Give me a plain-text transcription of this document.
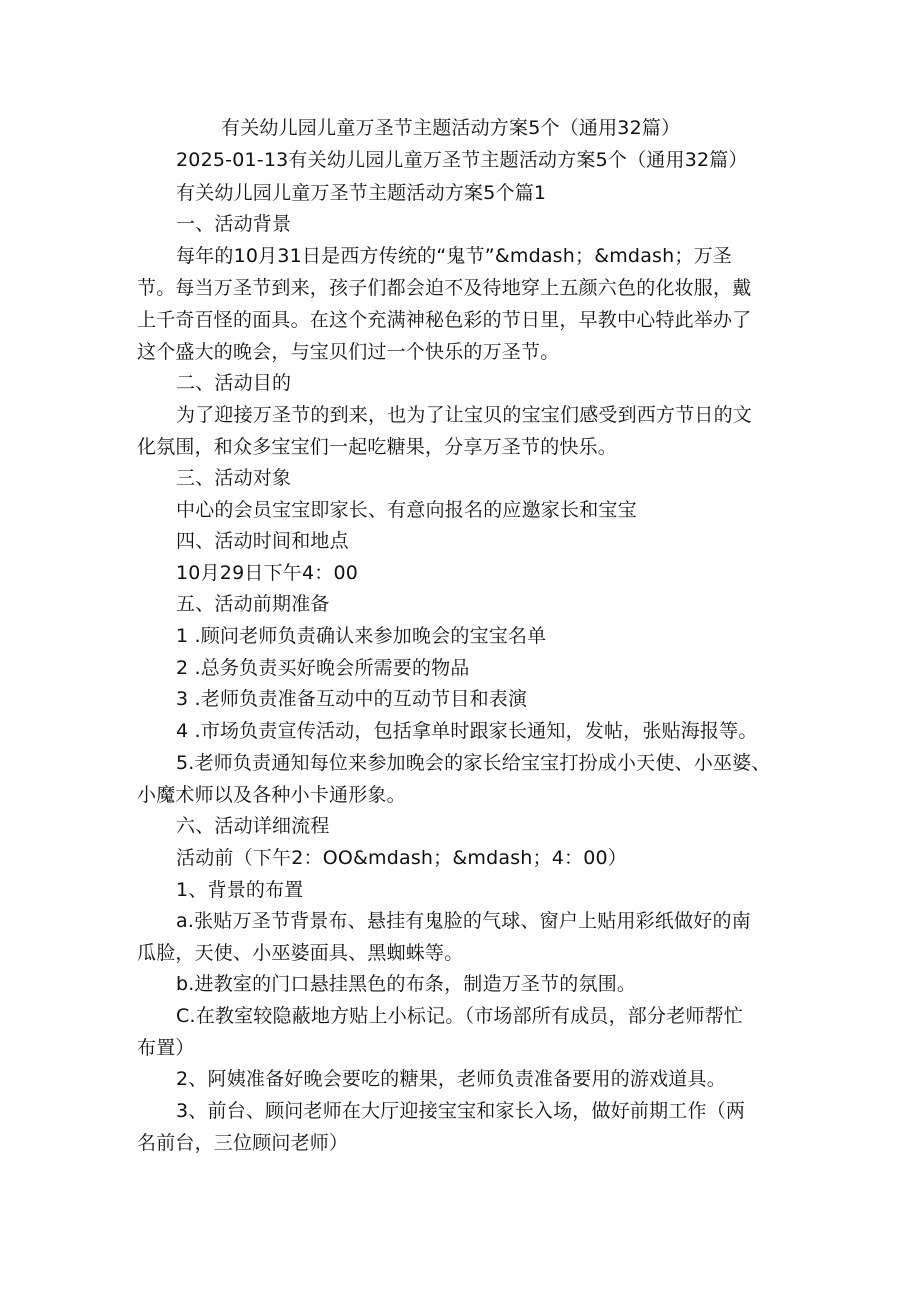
有关幼儿园儿童万圣节主题活动方案5个（通用32篇）
2025-01-13有关幼儿园儿童万圣节主题活动方案5个（通用32篇）
有关幼儿园儿童万圣节主题活动方案5个篇1
一、活动背景
每年的10月31日是西方传统的“鬼节”&mdash；&mdash；万圣
节。每当万圣节到来，孩子们都会迫不及待地穿上五颜六色的化妆服，戴
上千奇百怪的面具。在这个充满神秘色彩的节日里，早教中心特此举办了
这个盛大的晚会，与宝贝们过一个快乐的万圣节。
二、活动目的
为了迎接万圣节的到来，也为了让宝贝的宝宝们感受到西方节日的文
化氛围，和众多宝宝们一起吃糖果，分享万圣节的快乐。
三、活动对象
中心的会员宝宝即家长、有意向报名的应邀家长和宝宝
四、活动时间和地点
10月29日下午4：00
五、活动前期准备
1 .顾问老师负责确认来参加晚会的宝宝名单
2 .总务负责买好晚会所需要的物品
3 .老师负责准备互动中的互动节目和表演
4 .市场负责宣传活动，包括拿单时跟家长通知，发帖，张贴海报等。
5.老师负责通知每位来参加晚会的家长给宝宝打扮成小天使、小巫婆、
小魔术师以及各种小卡通形象。
六、活动详细流程
活动前（下午2：OO&mdash；&mdash；4：00）
1、背景的布置
a.张贴万圣节背景布、悬挂有鬼脸的气球、窗户上贴用彩纸做好的南
瓜脸，天使、小巫婆面具、黑蜘蛛等。
b.进教室的门口悬挂黑色的布条，制造万圣节的氛围。
C.在教室较隐蔽地方贴上小标记。（市场部所有成员，部分老师帮忙
布置）
2、阿姨准备好晚会要吃的糖果，老师负责准备要用的游戏道具。
3、前台、顾问老师在大厅迎接宝宝和家长入场，做好前期工作（两
名前台，三位顾问老师）
